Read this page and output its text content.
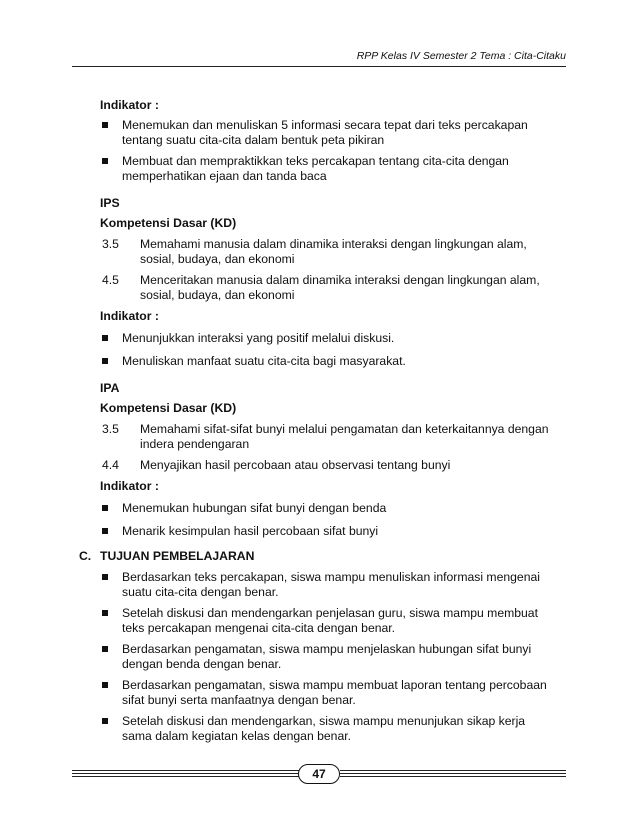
RPP Kelas IV Semester 2 Tema : Cita-Citaku
Indikator :
Menemukan dan menuliskan 5 informasi secara tepat dari teks percakapan
tentang suatu cita-cita dalam bentuk peta pikiran
Membuat dan mempraktikkan teks percakapan tentang cita-cita dengan
memperhatikan ejaan dan tanda baca
IPS
Kompetensi Dasar (KD)
3.5 Memahami manusia dalam dinamika interaksi dengan lingkungan alam,
sosial, budaya, dan ekonomi
4.5 Menceritakan manusia dalam dinamika interaksi dengan lingkungan alam,
sosial, budaya, dan ekonomi
Indikator :
Menunjukkan interaksi yang positif melalui diskusi.
Menuliskan manfaat suatu cita-cita bagi masyarakat.
IPA
Kompetensi Dasar (KD)
3.5 Memahami sifat-sifat bunyi melalui pengamatan dan keterkaitannya dengan
indera pendengaran
4.4 Menyajikan hasil percobaan atau observasi tentang bunyi
Indikator :
Menemukan hubungan sifat bunyi dengan benda
Menarik kesimpulan hasil percobaan sifat bunyi
C. TUJUAN PEMBELAJARAN
Berdasarkan teks percakapan, siswa mampu menuliskan informasi mengenai
suatu cita-cita dengan benar.
Setelah diskusi dan mendengarkan penjelasan guru, siswa mampu membuat
teks percakapan mengenai cita-cita dengan benar.
Berdasarkan pengamatan, siswa mampu menjelaskan hubungan sifat bunyi
dengan benda dengan benar.
Berdasarkan pengamatan, siswa mampu membuat laporan tentang percobaan
sifat bunyi serta manfaatnya dengan benar.
Setelah diskusi dan mendengarkan, siswa mampu menunjukan sikap kerja
sama dalam kegiatan kelas dengan benar.
47
